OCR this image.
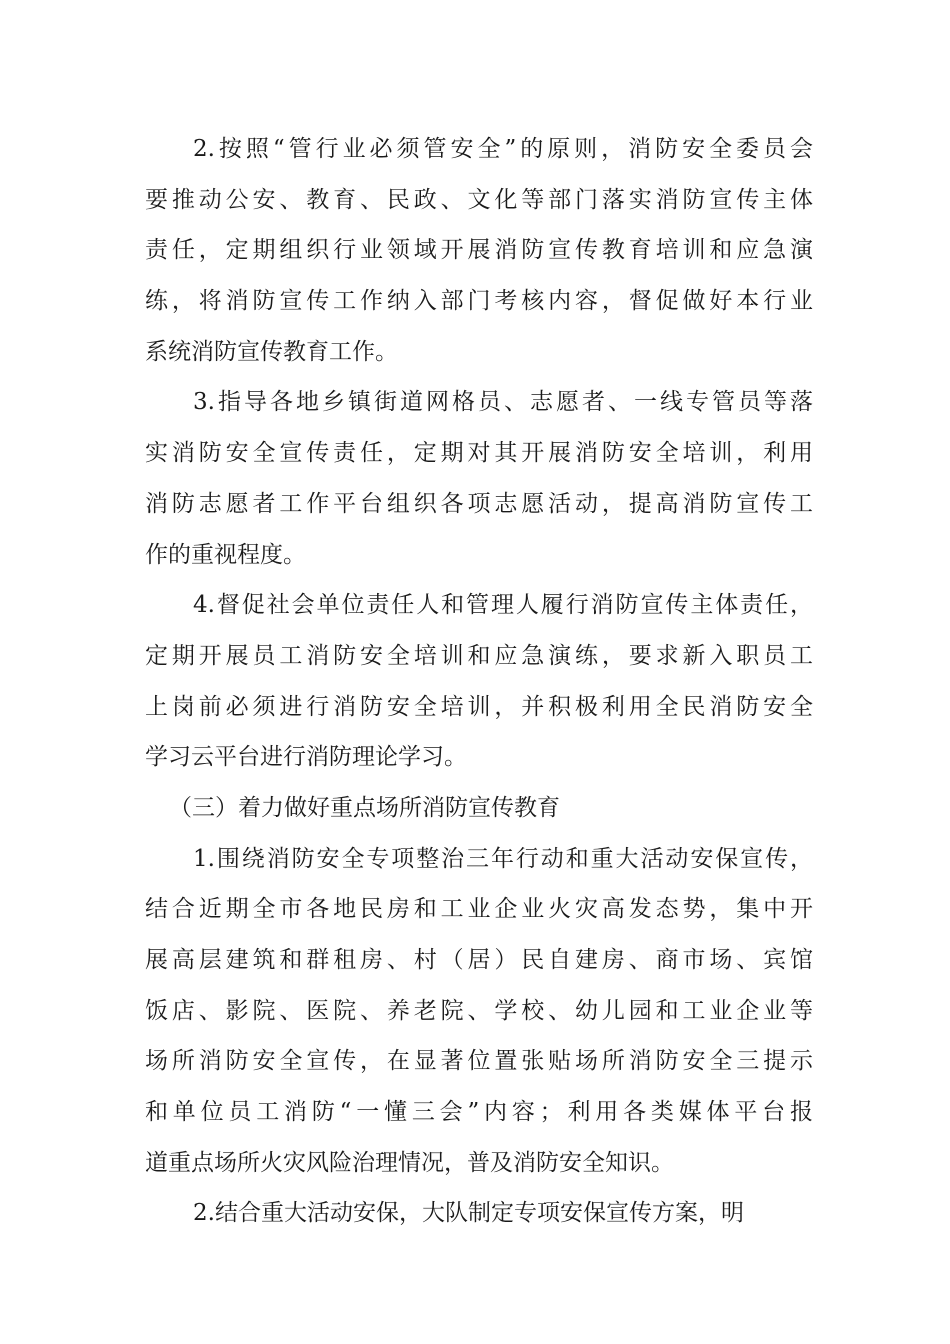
2.按照“管行业必须管安全”的原则，消防安全委员会
要推动公安、教育、民政、文化等部门落实消防宣传主体
责任，定期组织行业领域开展消防宣传教育培训和应急演
练，将消防宣传工作纳入部门考核内容，督促做好本行业
系统消防宣传教育工作。
3.指导各地乡镇街道网格员、志愿者、一线专管员等落
实消防安全宣传责任，定期对其开展消防安全培训，利用
消防志愿者工作平台组织各项志愿活动，提高消防宣传工
作的重视程度。
4.督促社会单位责任人和管理人履行消防宣传主体责任，
定期开展员工消防安全培训和应急演练，要求新入职员工
上岗前必须进行消防安全培训，并积极利用全民消防安全
学习云平台进行消防理论学习。
（三）着力做好重点场所消防宣传教育
1.围绕消防安全专项整治三年行动和重大活动安保宣传，
结合近期全市各地民房和工业企业火灾高发态势，集中开
展高层建筑和群租房、村（居）民自建房、商市场、宾馆
饭店、影院、医院、养老院、学校、幼儿园和工业企业等
场所消防安全宣传，在显著位置张贴场所消防安全三提示
和单位员工消防“一懂三会”内容；利用各类媒体平台报
道重点场所火灾风险治理情况，普及消防安全知识。
2.结合重大活动安保，大队制定专项安保宣传方案，明
